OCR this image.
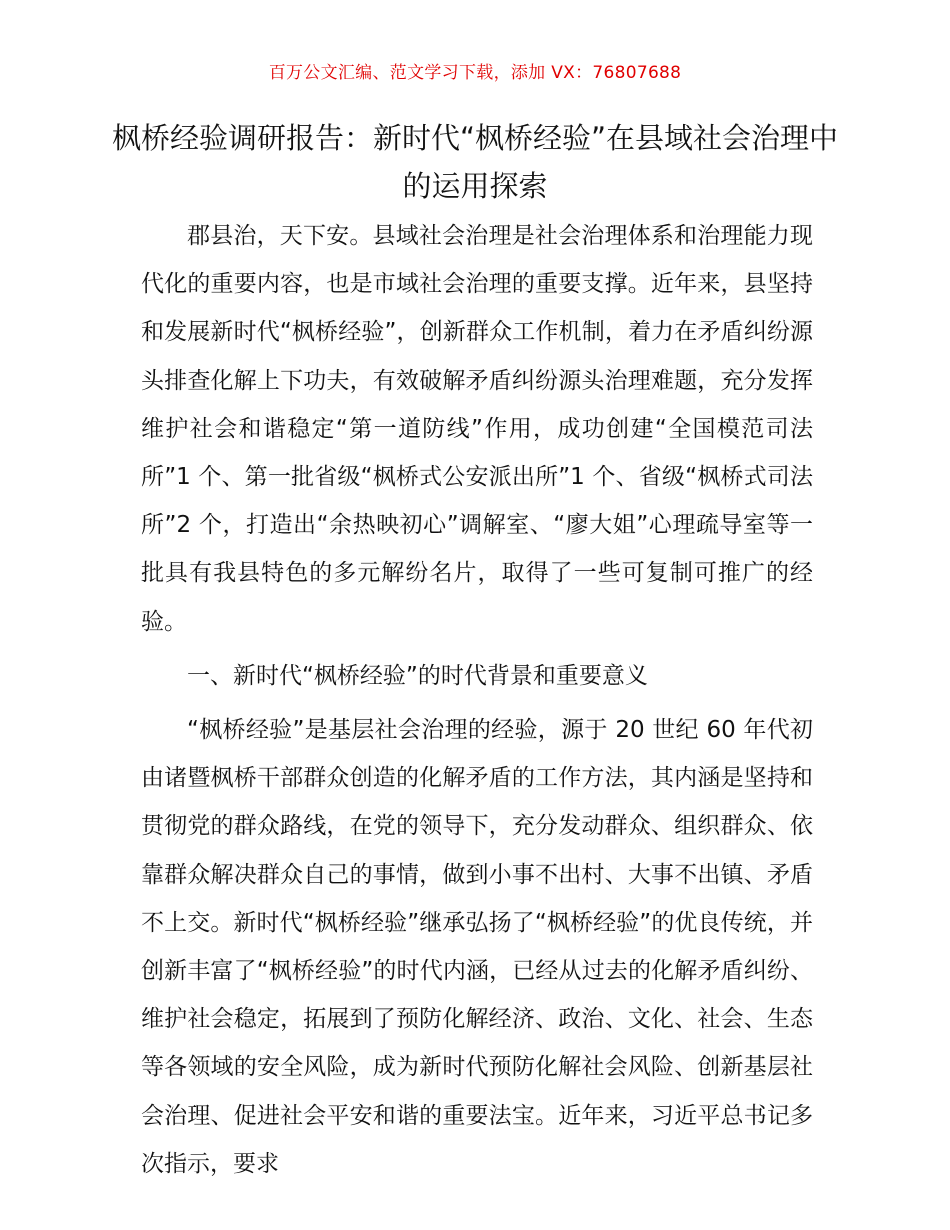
百万公文汇编、范文学习下载，添加 VX：76807688
枫桥经验调研报告：新时代“枫桥经验”在县域社会治理中的运用探索

郡县治，天下安。县域社会治理是社会治理体系和治理能力现代化的重要内容，也是市域社会治理的重要支撑。近年来，县坚持和发展新时代“枫桥经验”，创新群众工作机制，着力在矛盾纠纷源头排查化解上下功夫，有效破解矛盾纠纷源头治理难题，充分发挥维护社会和谐稳定“第一道防线”作用，成功创建“全国模范司法所”1 个、第一批省级“枫桥式公安派出所”1 个、省级“枫桥式司法所”2 个，打造出“余热映初心”调解室、“廖大姐”心理疏导室等一批具有我县特色的多元解纷名片，取得了一些可复制可推广的经验。

一、新时代“枫桥经验”的时代背景和重要意义

“枫桥经验”是基层社会治理的经验，源于 20 世纪 60 年代初由诸暨枫桥干部群众创造的化解矛盾的工作方法，其内涵是坚持和贯彻党的群众路线，在党的领导下，充分发动群众、组织群众、依靠群众解决群众自己的事情，做到小事不出村、大事不出镇、矛盾不上交。新时代“枫桥经验”继承弘扬了“枫桥经验”的优良传统，并创新丰富了“枫桥经验”的时代内涵，已经从过去的化解矛盾纠纷、维护社会稳定，拓展到了预防化解经济、政治、文化、社会、生态等各领域的安全风险，成为新时代预防化解社会风险、创新基层社会治理、促进社会平安和谐的重要法宝。近年来，习近平总书记多次指示，要求
